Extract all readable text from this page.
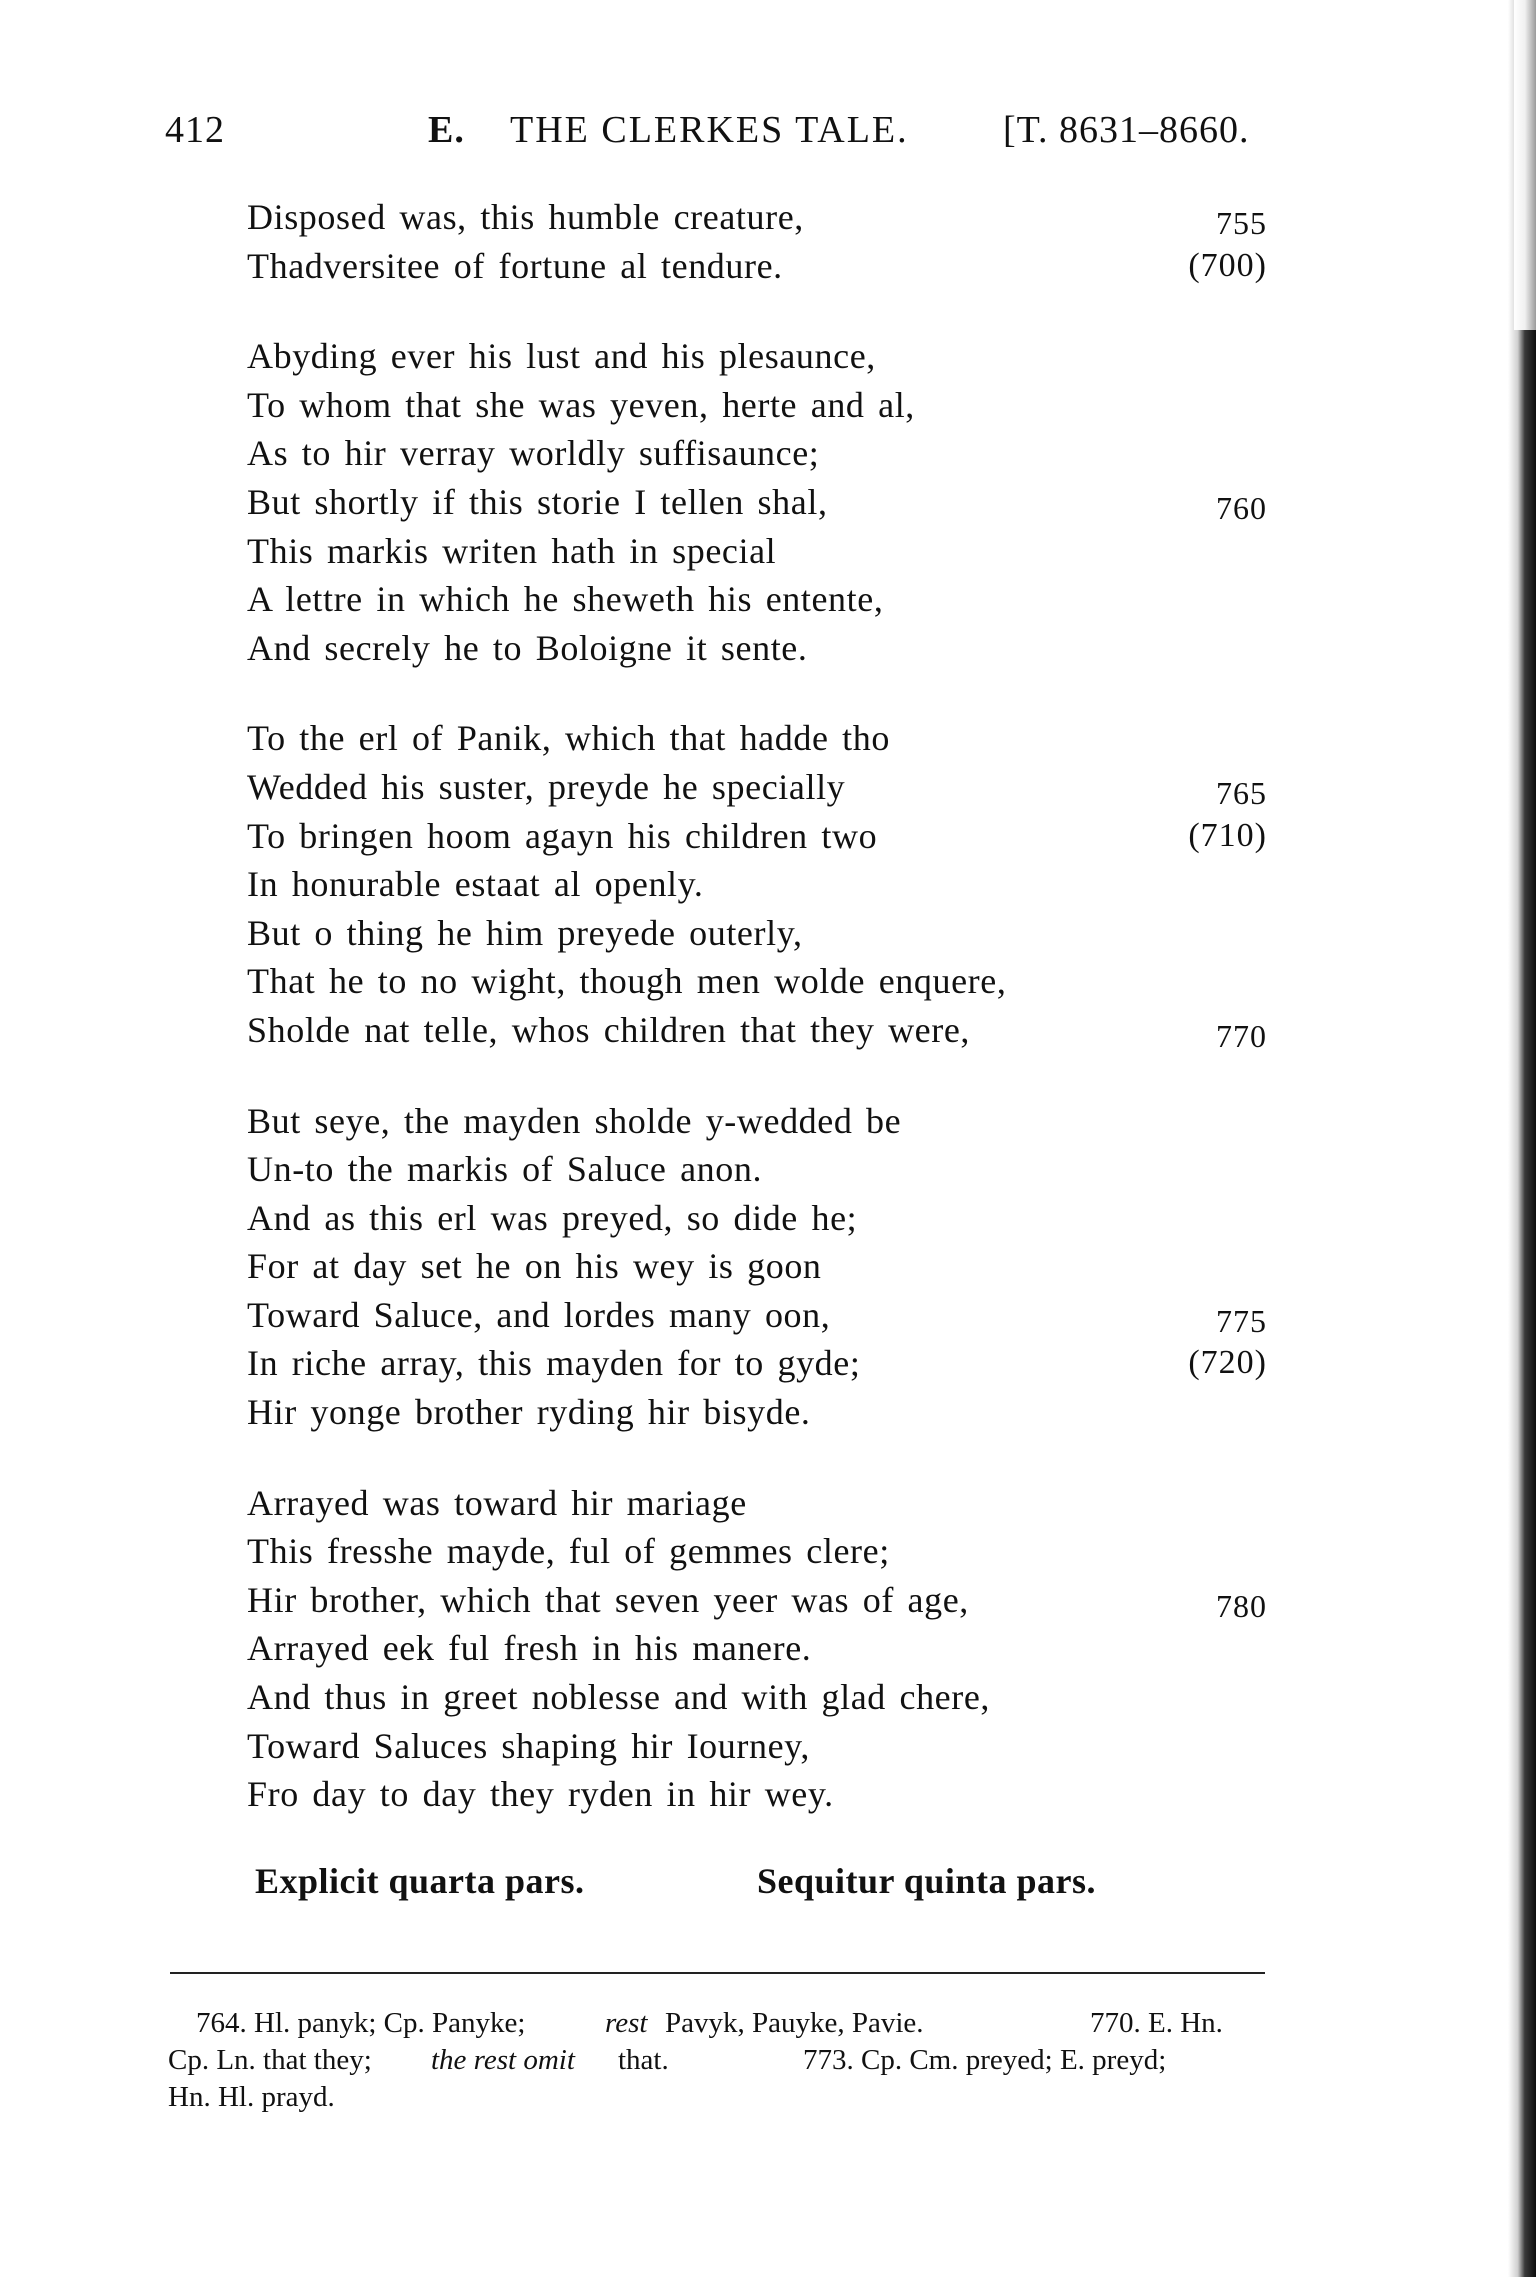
412	E. THE CLERKES TALE. [T. 8631–8660.
Disposed was, this humble creature,	755
Thadversitee of fortune al tendure.	(700)
Abyding ever his lust and his plesaunce,
To whom that she was yeven, herte and al,
As to hir verray worldly suffisaunce;
But shortly if this storie I tellen shal,	760
This markis writen hath in special
A lettre in which he sheweth his entente,
And secrely he to Boloigne it sente.
To the erl of Panik, which that hadde tho
Wedded his suster, preyde he specially	765
To bringen hoom agayn his children two	(710)
In honurable estaat al openly.
But o thing he him preyede outerly,
That he to no wight, though men wolde enquere,
Sholde nat telle, whos children that they were,	770
But seye, the mayden sholde y-wedded be
Un-to the markis of Saluce anon.
And as this erl was preyed, so dide he;
For at day set he on his wey is goon
Toward Saluce, and lordes many oon,	775
In riche array, this mayden for to gyde;	(720)
Hir yonge brother ryding hir bisyde.
Arrayed was toward hir mariage
This fresshe mayde, ful of gemmes clere;
Hir brother, which that seven yeer was of age,	780
Arrayed eek ful fresh in his manere.
And thus in greet noblesse and with glad chere,
Toward Saluces shaping hir Iourney,
Fro day to day they ryden in hir wey.
Explicit quarta pars.	Sequitur quinta pars.
764. Hl. panyk; Cp. Panyke;	rest Pavyk, Pauyke, Pavie.	770. E. Hn.
Cp. Ln. that they; the rest omit that.	773. Cp. Cm. preyed; E. preyd;
Hn. Hl. prayd.
